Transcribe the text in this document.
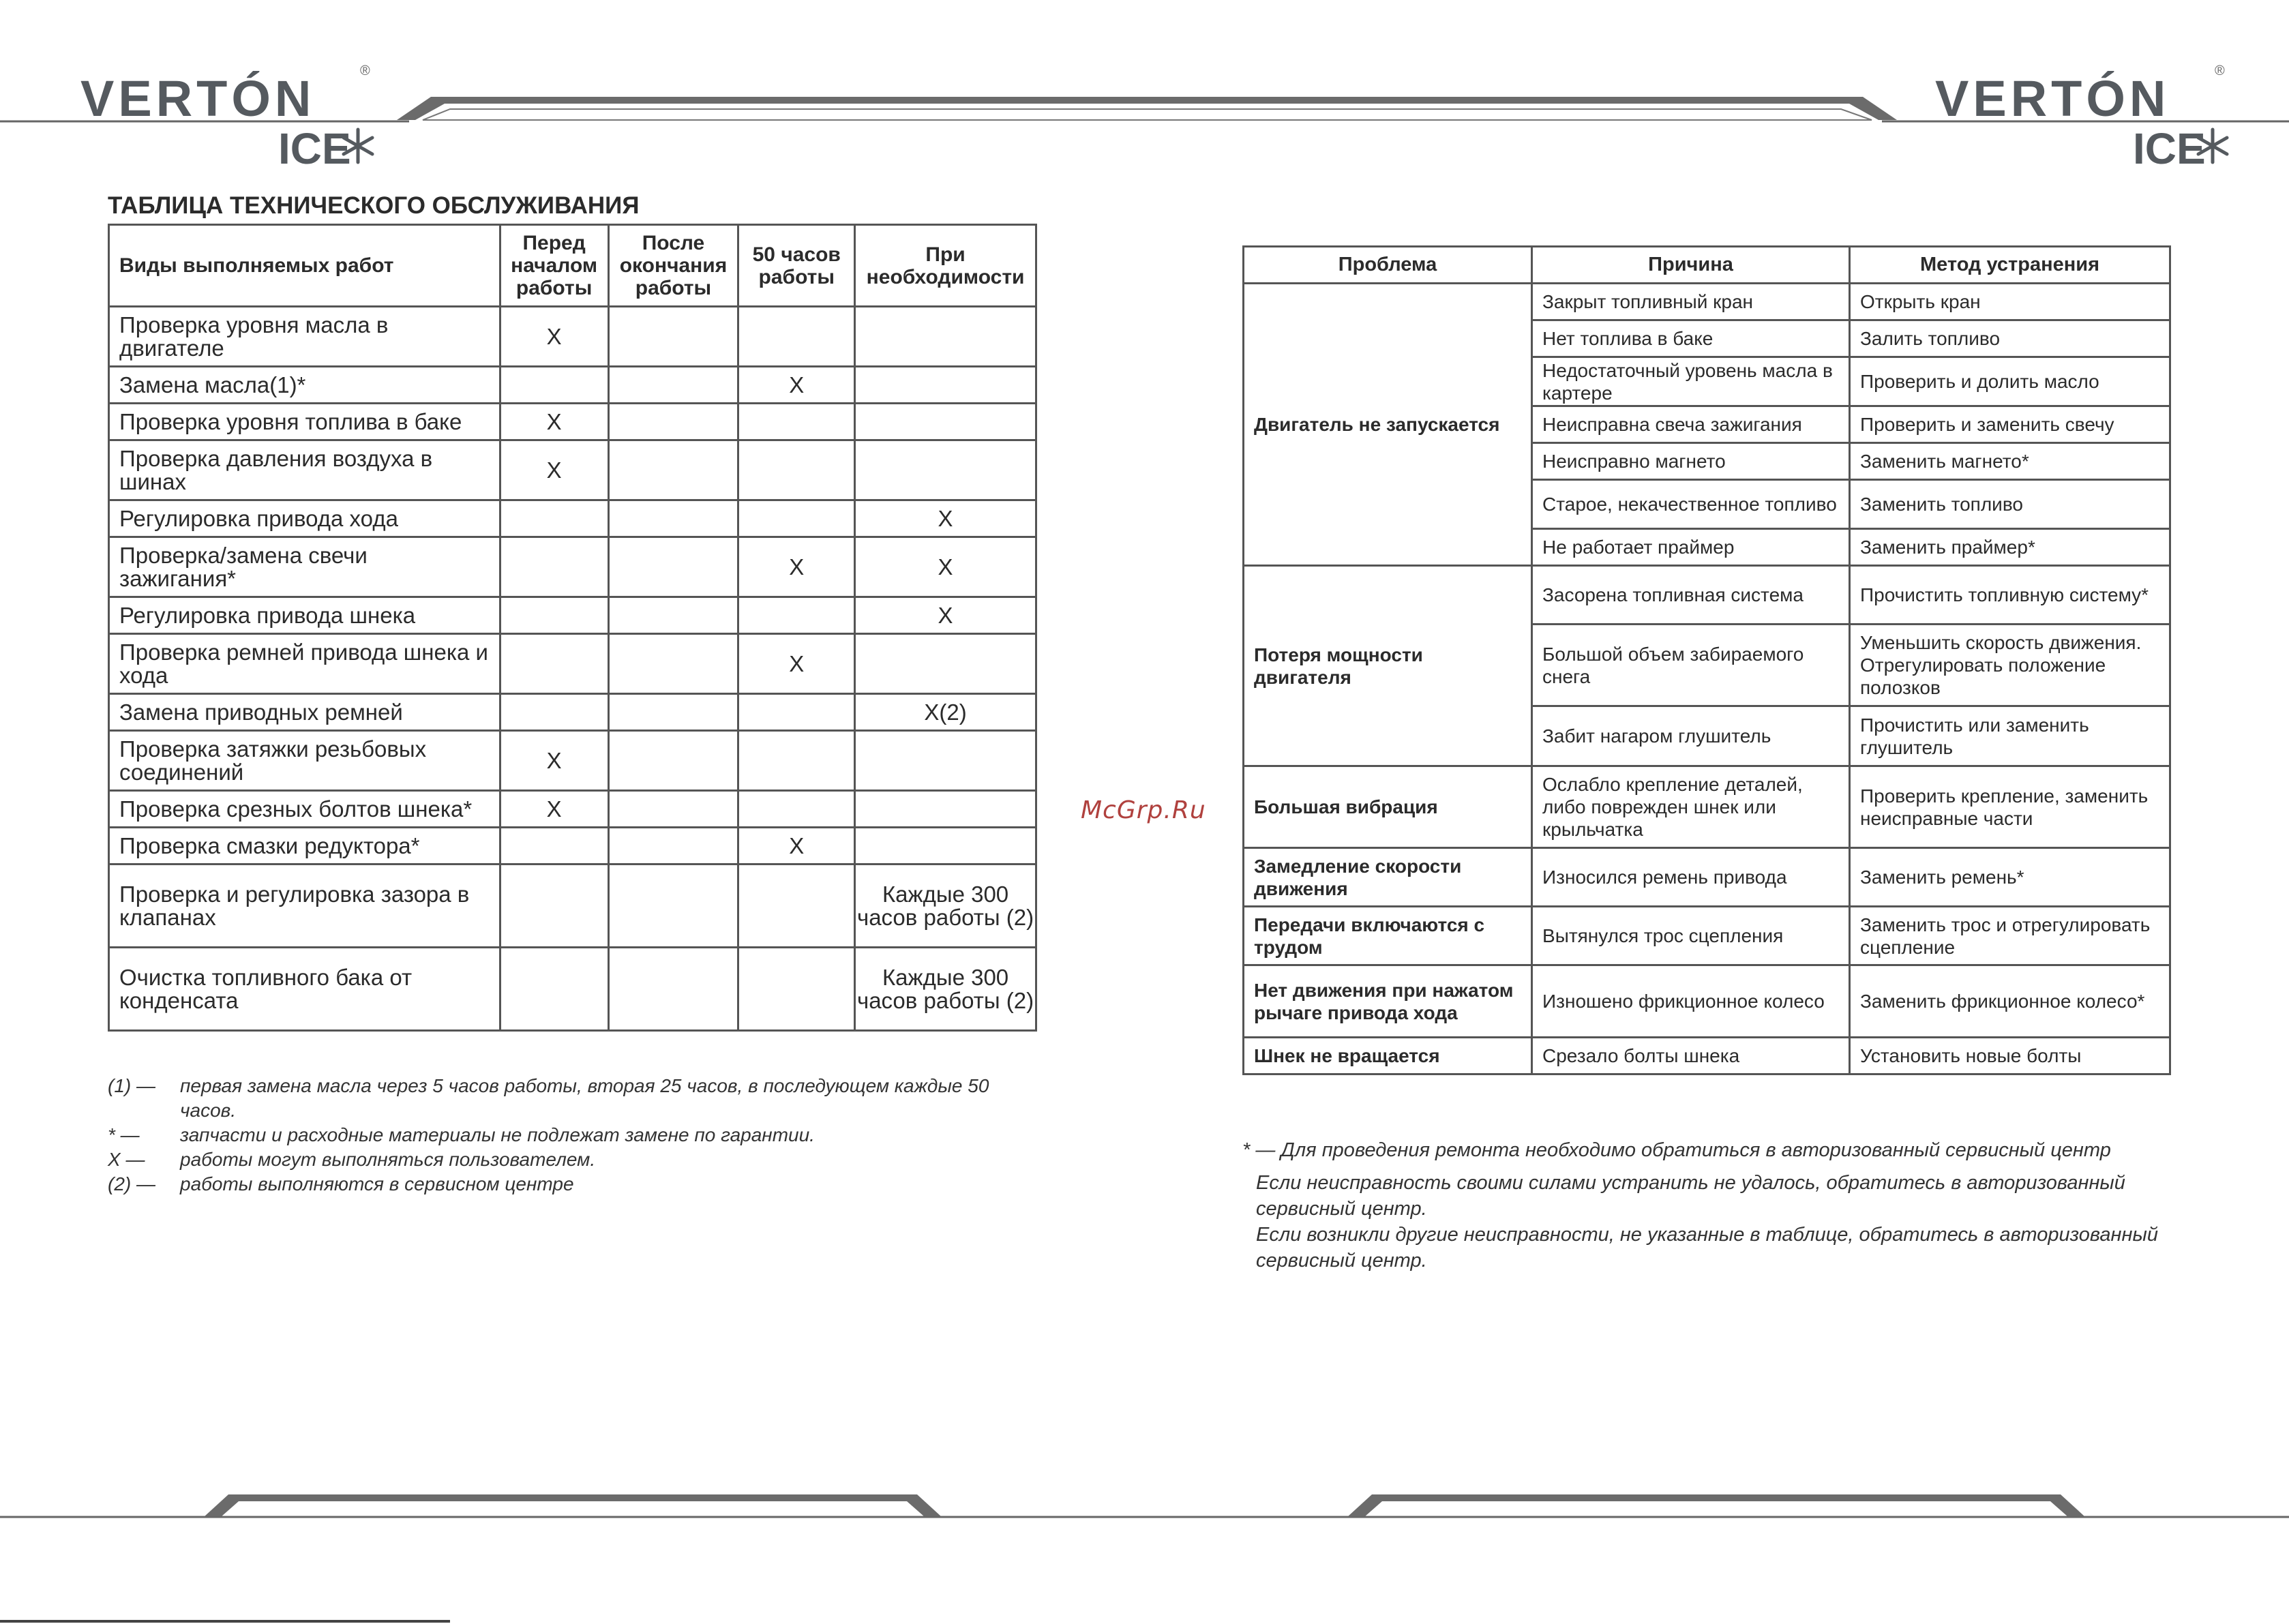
VERTÓN	®
ICE
VERTÓN	®
ICE
ТАБЛИЦА ТЕХНИЧЕСКОГО ОБСЛУЖИВАНИЯ
Виды выполняемых работ	Перед началом работы	После окончания работы	50 часов работы	При необходимости
Проверка уровня масла в двигателе	X			
Замена масла(1)*			X	
Проверка уровня топлива в баке	X			
Проверка давления воздуха в шинах	X			
Регулировка привода хода				X
Проверка/замена свечи зажигания*			X	X
Регулировка привода шнека				X
Проверка ремней привода шнека и хода			X	
Замена приводных ремней				X(2)
Проверка затяжки резьбовых соединений	X			
Проверка срезных болтов шнека*	X			
Проверка смазки редуктора*			X	
Проверка и регулировка зазора в клапанах				Каждые 300 часов работы (2)
Очистка топливного бака от конденсата				Каждые 300 часов работы (2)
(1) —	первая замена масла через 5 часов работы, вторая 25 часов, в последующем каждые 50 часов.
* —	запчасти и расходные материалы не подлежат замене по гарантии.
X —	работы могут выполняться пользователем.
(2) —	работы выполняются в сервисном центре
McGrp.Ru
Проблема	Причина	Метод устранения
Двигатель не запускается	Закрыт топливный кран	Открыть кран
	Нет топлива в баке	Залить топливо
	Недостаточный уровень масла в картере	Проверить и долить масло
	Неисправна свеча зажигания	Проверить и заменить свечу
	Неисправно магнето	Заменить магнето*
	Старое, некачественное топливо	Заменить топливо
	Не работает праймер	Заменить праймер*
Потеря мощности двигателя	Засорена топливная система	Прочистить топливную систему*
	Большой объем забираемого снега	Уменьшить скорость движения. Отрегулировать положение полозков
	Забит нагаром глушитель	Прочистить или заменить глушитель
Большая вибрация	Ослабло крепление деталей, либо поврежден шнек или крыльчатка	Проверить крепление, заменить неисправные части
Замедление скорости движения	Износился ремень привода	Заменить ремень*
Передачи включаются с трудом	Вытянулся трос сцепления	Заменить трос и отрегулировать сцепление
Нет движения при нажатом рычаге привода хода	Изношено фрикционное колесо	Заменить фрикционное колесо*
Шнек не вращается	Срезало болты шнека	Установить новые болты
* — Для проведения ремонта необходимо обратиться в авторизованный сервисный центр
Если неисправность своими силами устранить не удалось, обратитесь в авторизованный сервисный центр.
Если возникли другие неисправности, не указанные в таблице, обратитесь в авторизованный сервисный центр.
